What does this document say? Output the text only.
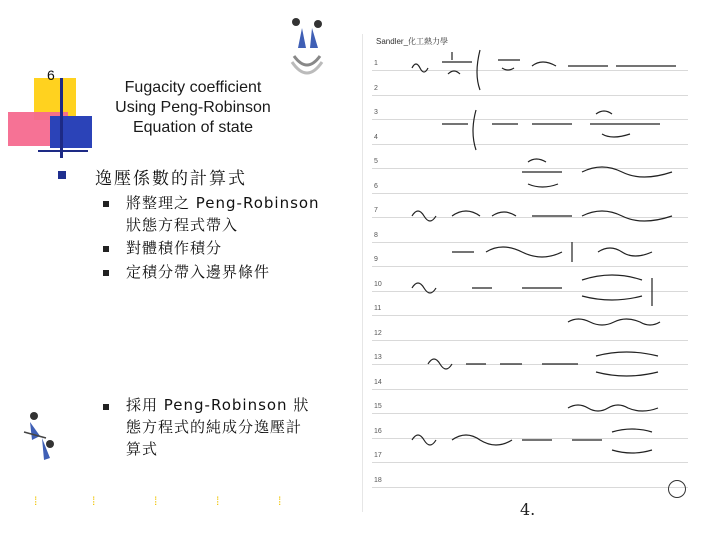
6
Fugacity coefficient
Using Peng-Robinson
Equation of state
逸壓係數的計算式
將整理之 Peng-Robinson
狀態方程式帶入
對體積作積分
定積分帶入邊界條件
採用 Peng-Robinson 狀
態方程式的純成分逸壓計
算式
⁞	⁞	⁞	⁞	⁞
Sandler_化工熱力學
1
2
3
4
5
6
7
8
9
10
11
12
13
14
15
16
17
18
4.
